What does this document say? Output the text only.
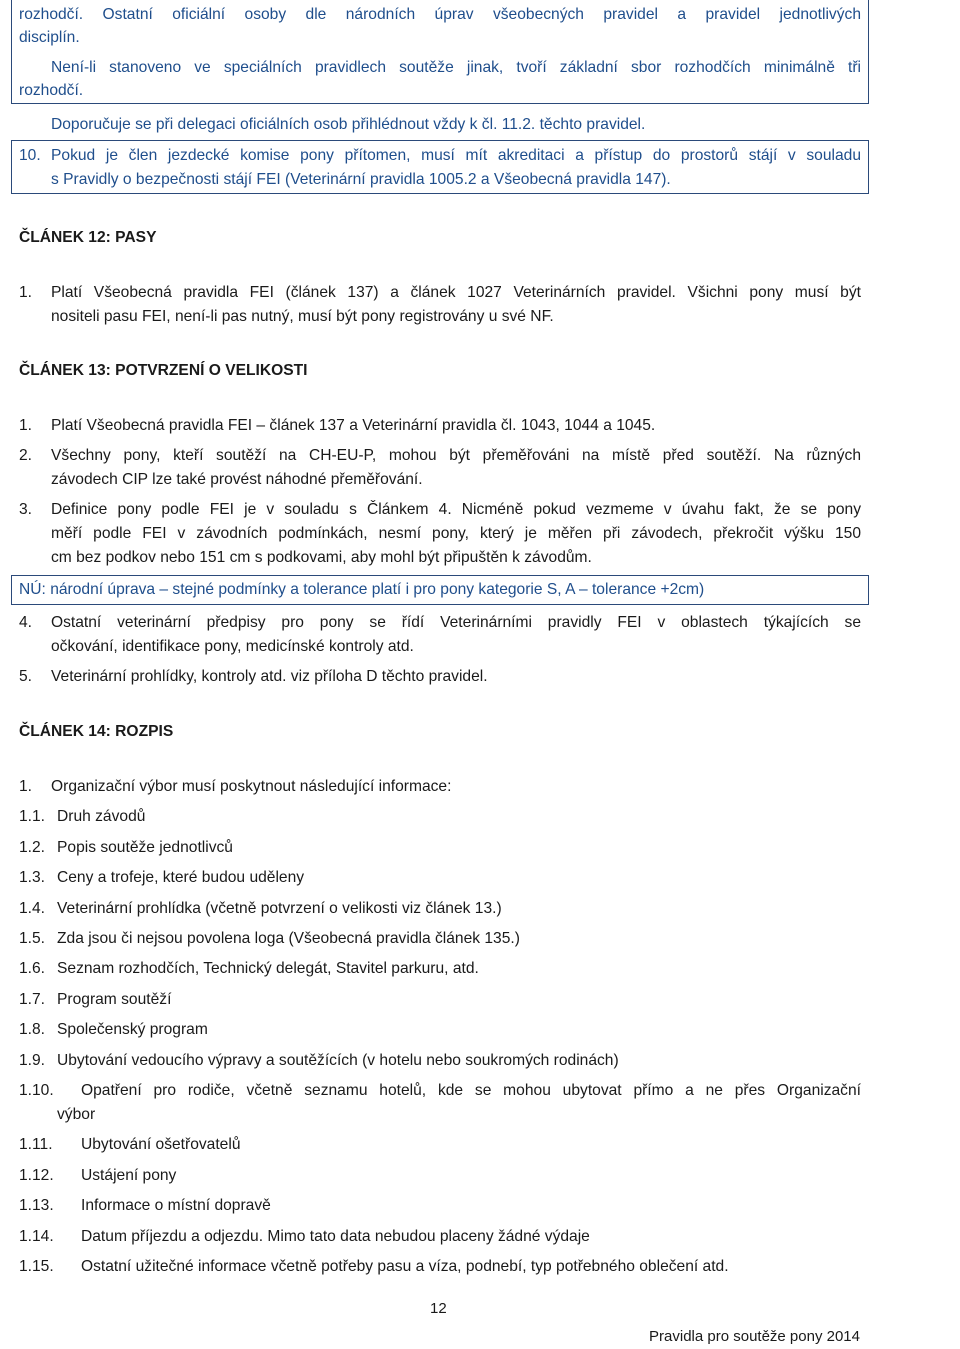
rozhodčí. Ostatní oficiální osoby dle národních úprav všeobecných pravidel a pravidel jednotlivých
disciplín.
Není-li stanoveno ve speciálních pravidlech soutěže jinak, tvoří základní sbor rozhodčích minimálně tři
rozhodčí.
Doporučuje se při delegaci oficiálních osob přihlédnout vždy k čl. 11.2. těchto pravidel.
10. Pokud je člen jezdecké komise pony přítomen, musí mít akreditaci a přístup do prostorů stájí v souladu
s Pravidly o bezpečnosti stájí FEI (Veterinární pravidla 1005.2 a Všeobecná pravidla 147).
ČLÁNEK 12: PASY
1. Platí Všeobecná pravidla FEI (článek 137) a článek 1027 Veterinárních pravidel. Všichni pony musí být
nositeli pasu FEI, není-li pas nutný, musí být pony registrovány u své NF.
ČLÁNEK 13: POTVRZENÍ O VELIKOSTI
1. Platí Všeobecná pravidla FEI – článek 137 a Veterinární pravidla čl. 1043, 1044 a 1045.
2. Všechny pony, kteří soutěží na CH-EU-P, mohou být přeměřováni na místě před soutěží. Na různých
závodech CIP lze také provést náhodné přeměřování.
3. Definice pony podle FEI je v souladu s Článkem 4. Nicméně pokud vezmeme v úvahu fakt, že se pony
měří podle FEI v závodních podmínkách, nesmí pony, který je měřen při závodech, překročit výšku 150
cm bez podkov nebo 151 cm s podkovami, aby mohl být připuštěn k závodům.
NÚ: národní úprava – stejné podmínky a tolerance platí i pro pony kategorie S, A – tolerance +2cm)
4. Ostatní veterinární předpisy pro pony se řídí Veterinárními pravidly FEI v oblastech týkajících se
očkování, identifikace pony, medicínské kontroly atd.
5. Veterinární prohlídky, kontroly atd. viz příloha D těchto pravidel.
ČLÁNEK 14: ROZPIS
1. Organizační výbor musí poskytnout následující informace:
1.1. Druh závodů
1.2. Popis soutěže jednotlivců
1.3. Ceny a trofeje, které budou uděleny
1.4. Veterinární prohlídka (včetně potvrzení o velikosti viz článek 13.)
1.5. Zda jsou či nejsou povolena loga (Všeobecná pravidla článek 135.)
1.6. Seznam rozhodčích, Technický delegát, Stavitel parkuru, atd.
1.7. Program soutěží
1.8. Společenský program
1.9. Ubytování vedoucího výpravy a soutěžících (v hotelu nebo soukromých rodinách)
1.10. Opatření pro rodiče, včetně seznamu hotelů, kde se mohou ubytovat přímo a ne přes Organizační
výbor
1.11. Ubytování ošetřovatelů
1.12. Ustájení pony
1.13. Informace o místní dopravě
1.14. Datum příjezdu a odjezdu. Mimo tato data nebudou placeny žádné výdaje
1.15. Ostatní užitečné informace včetně potřeby pasu a víza, podnebí, typ potřebného oblečení atd.
12
Pravidla pro soutěže pony 2014
